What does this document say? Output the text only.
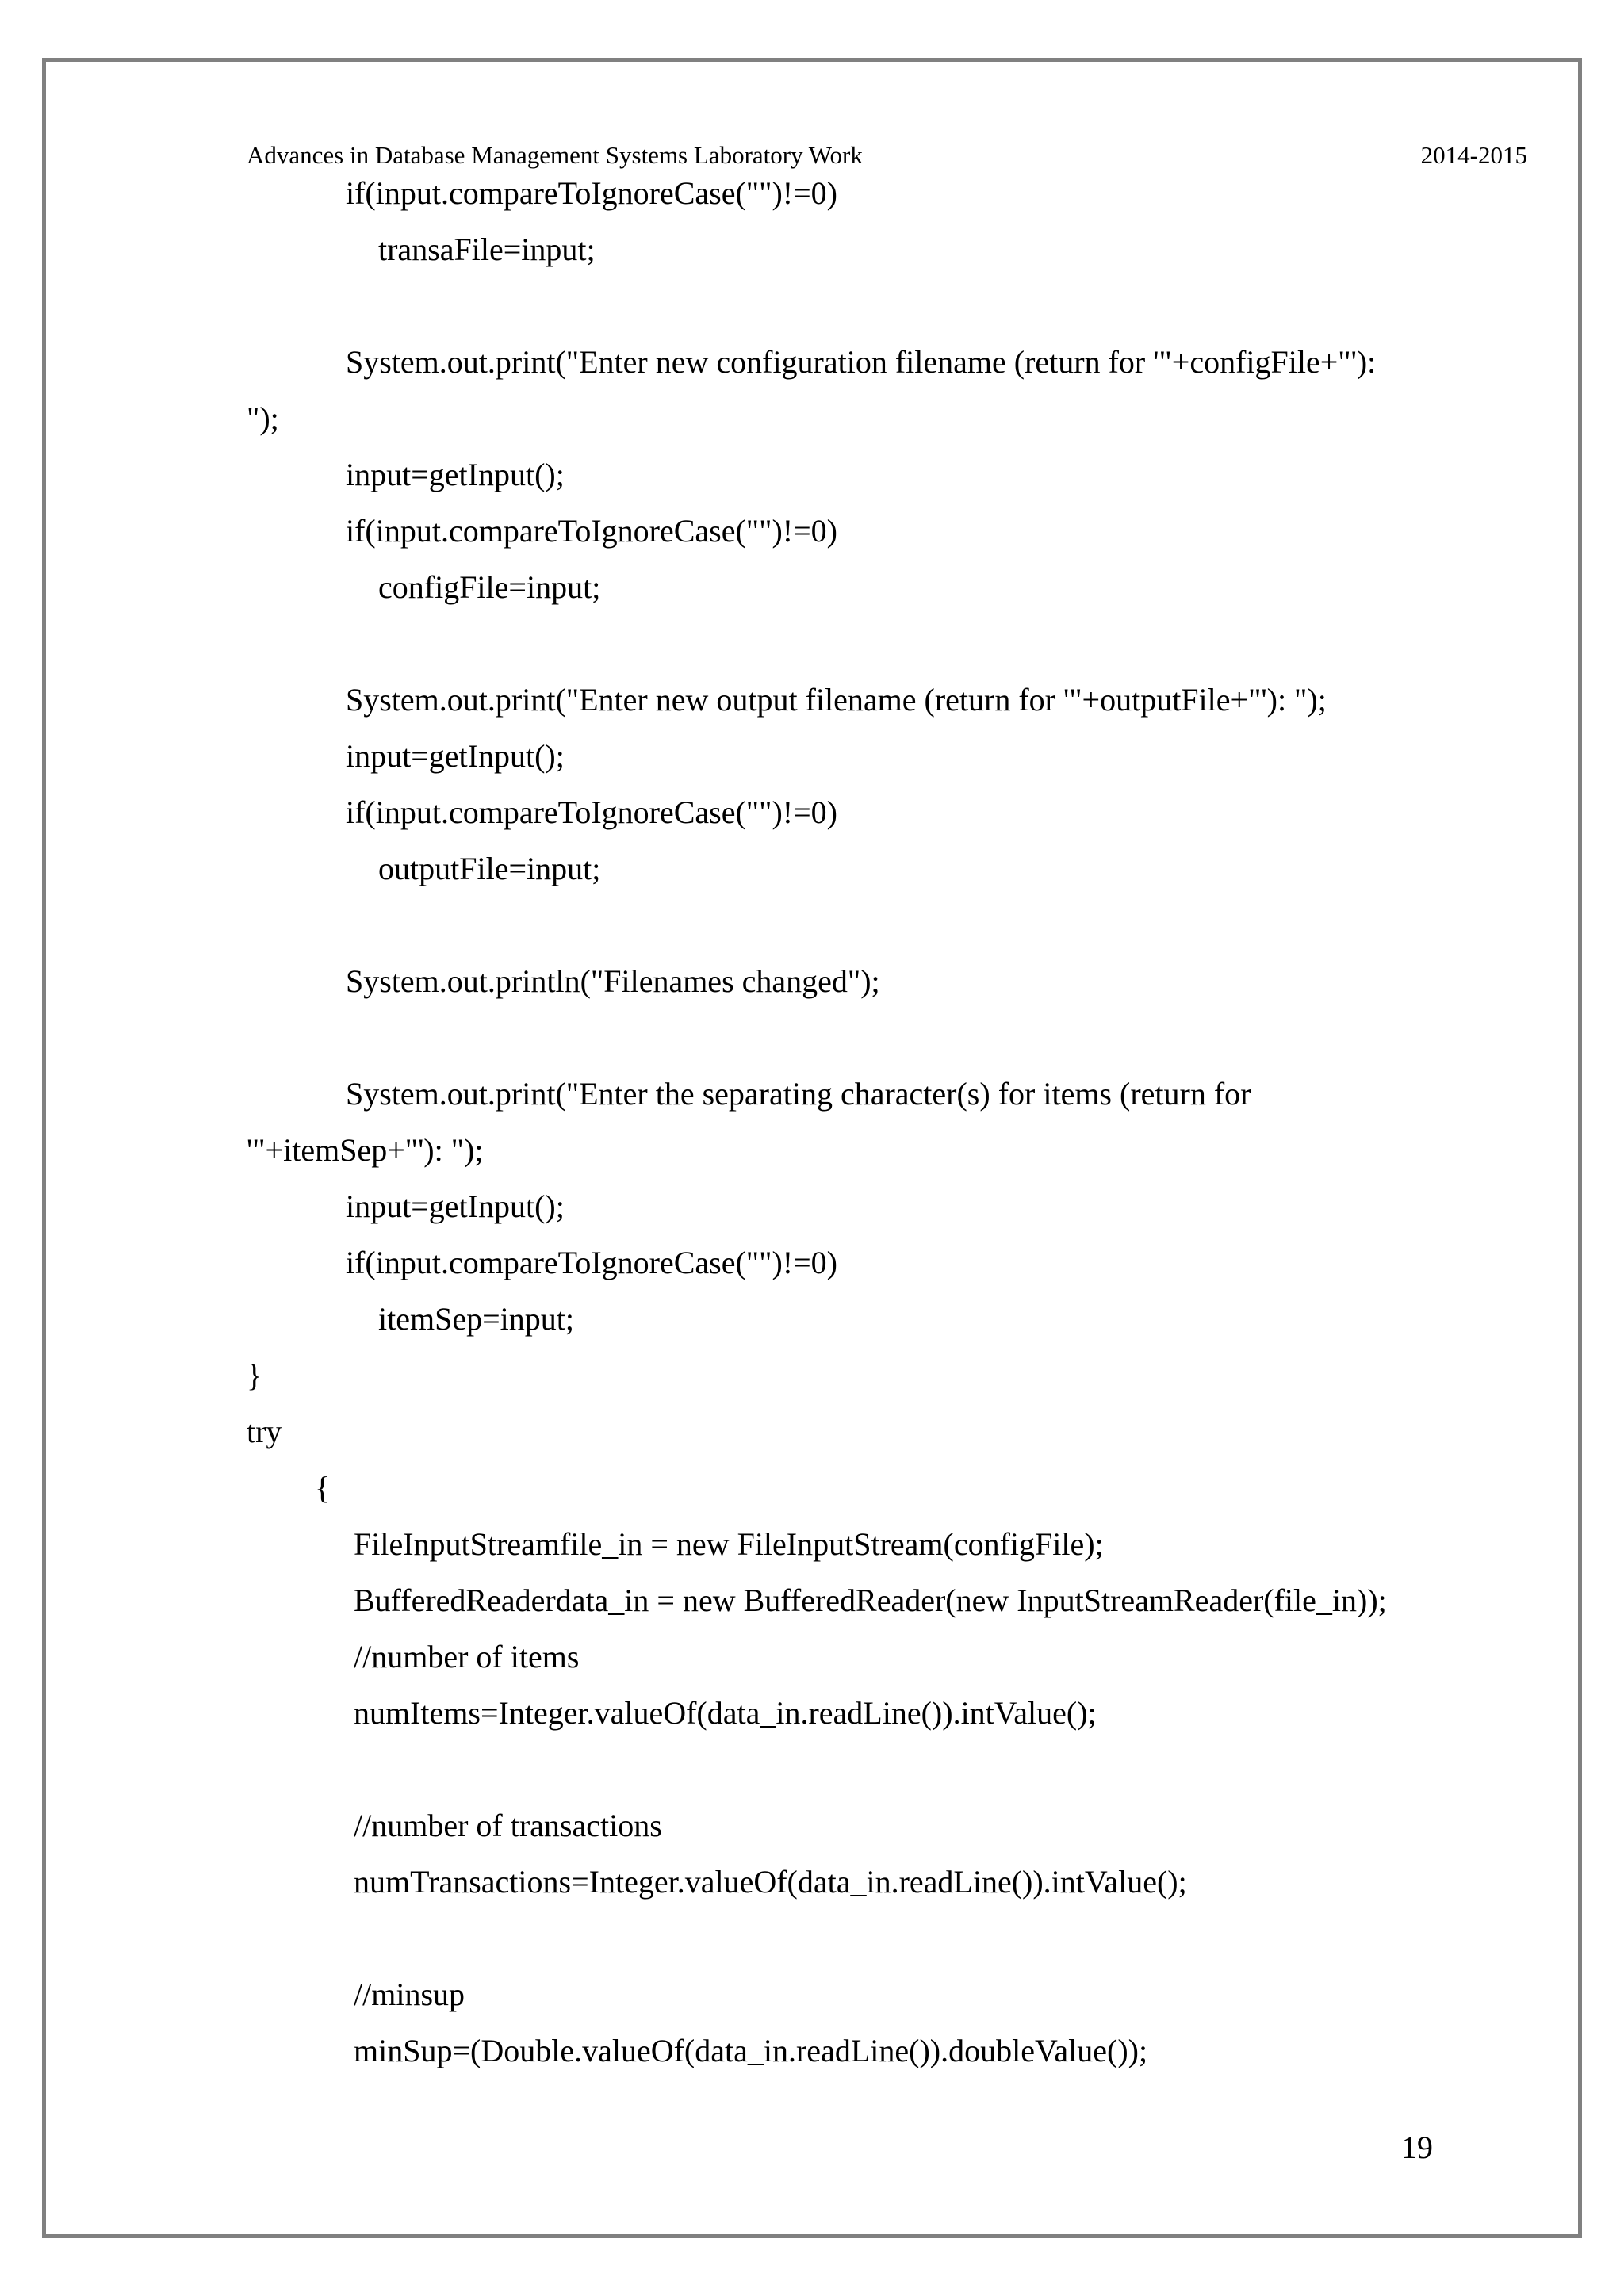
Advances in Database Management Systems Laboratory Work	2014-2015
if(input.compareToIgnoreCase("")!=0)
transaFile=input;
System.out.print("Enter new configuration filename (return for '"+configFile+"'):
");
input=getInput();
if(input.compareToIgnoreCase("")!=0)
configFile=input;
System.out.print("Enter new output filename (return for '"+outputFile+"'): ");
input=getInput();
if(input.compareToIgnoreCase("")!=0)
outputFile=input;
System.out.println("Filenames changed");
System.out.print("Enter the separating character(s) for items (return for
'"+itemSep+"'): ");
input=getInput();
if(input.compareToIgnoreCase("")!=0)
itemSep=input;
}
try
{
FileInputStreamfile_in = new FileInputStream(configFile);
BufferedReaderdata_in = new BufferedReader(new InputStreamReader(file_in));
//number of items
numItems=Integer.valueOf(data_in.readLine()).intValue();
//number of transactions
numTransactions=Integer.valueOf(data_in.readLine()).intValue();
//minsup
minSup=(Double.valueOf(data_in.readLine()).doubleValue());
19
